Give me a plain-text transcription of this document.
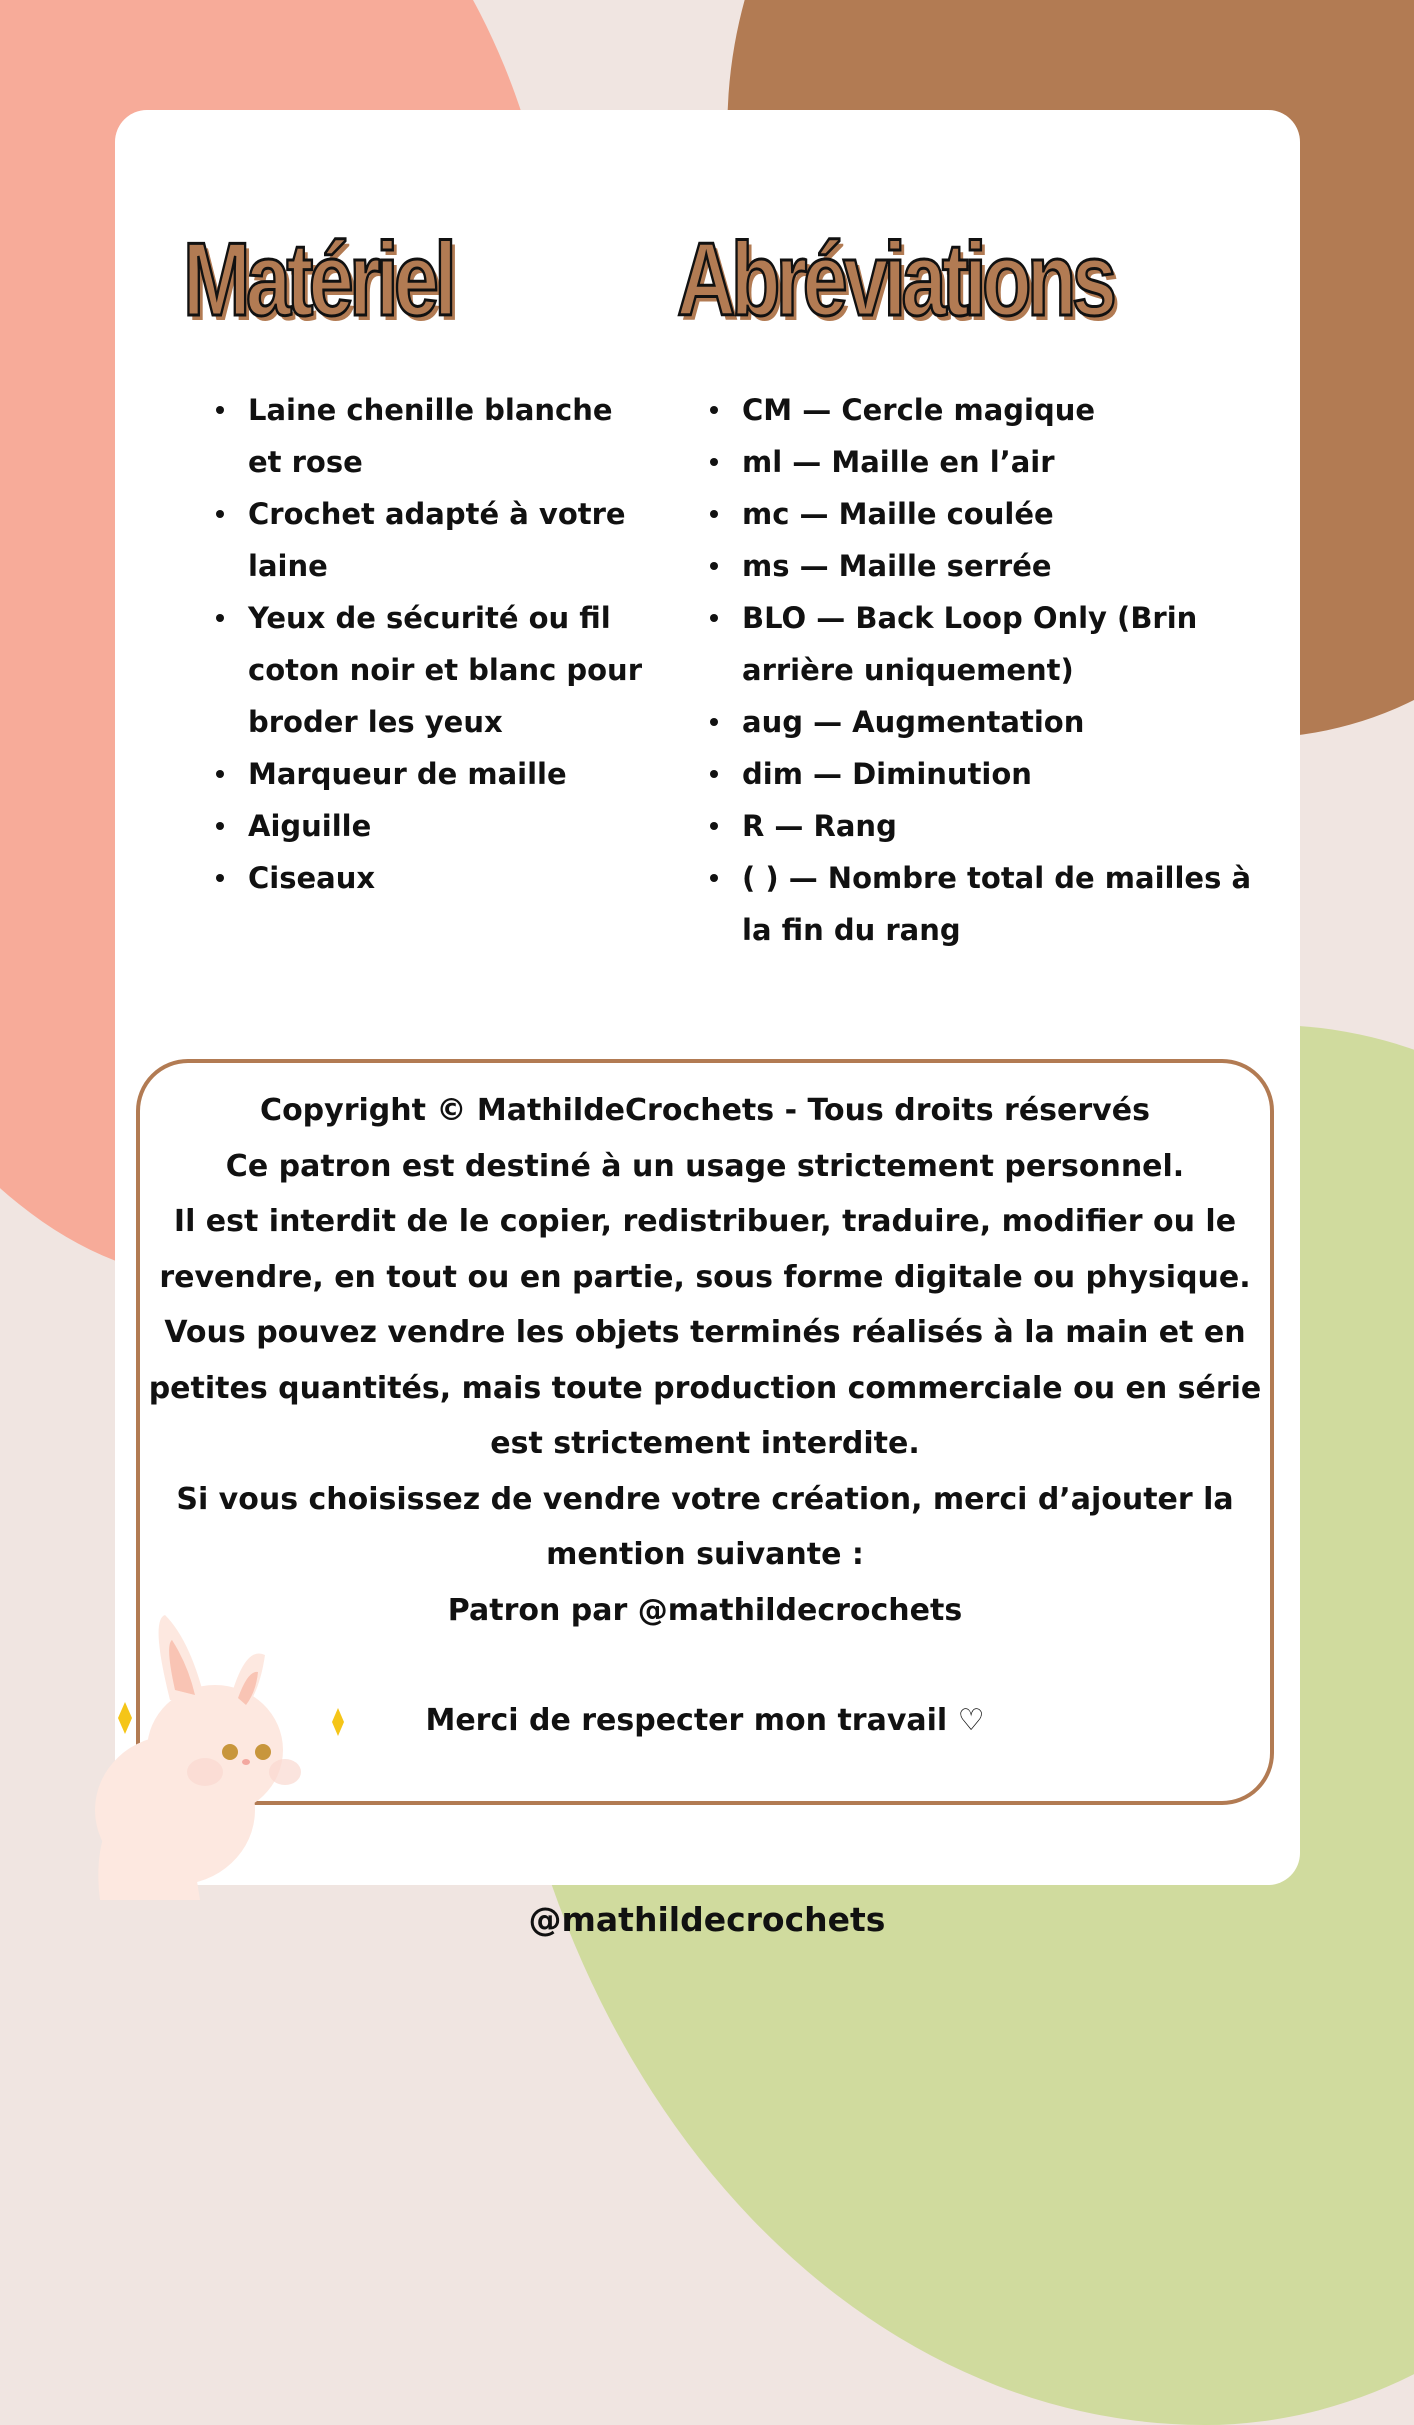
Matériel Abréviations
Laine chenille blanche et rose
Crochet adapté à votre laine
Yeux de sécurité ou fil coton noir et blanc pour broder les yeux
Marqueur de maille
Aiguille
Ciseaux
CM — Cercle magique
ml — Maille en l’air
mc — Maille coulée
ms — Maille serrée
BLO — Back Loop Only (Brin arrière uniquement)
aug — Augmentation
dim — Diminution
R — Rang
( ) — Nombre total de mailles à la fin du rang

Copyright © MathildeCrochets - Tous droits réservés

Ce patron est destiné à un usage strictement personnel.

Il est interdit de le copier, redistribuer, traduire, modifier ou le revendre, en tout ou en partie, sous forme digitale ou physique.

Vous pouvez vendre les objets terminés réalisés à la main et en petites quantités, mais toute production commerciale ou en série est strictement interdite.

Si vous choisissez de vendre votre création, merci d’ajouter la mention suivante :

Patron par @mathildecrochets

Merci de respecter mon travail ♡

@mathildecrochets
